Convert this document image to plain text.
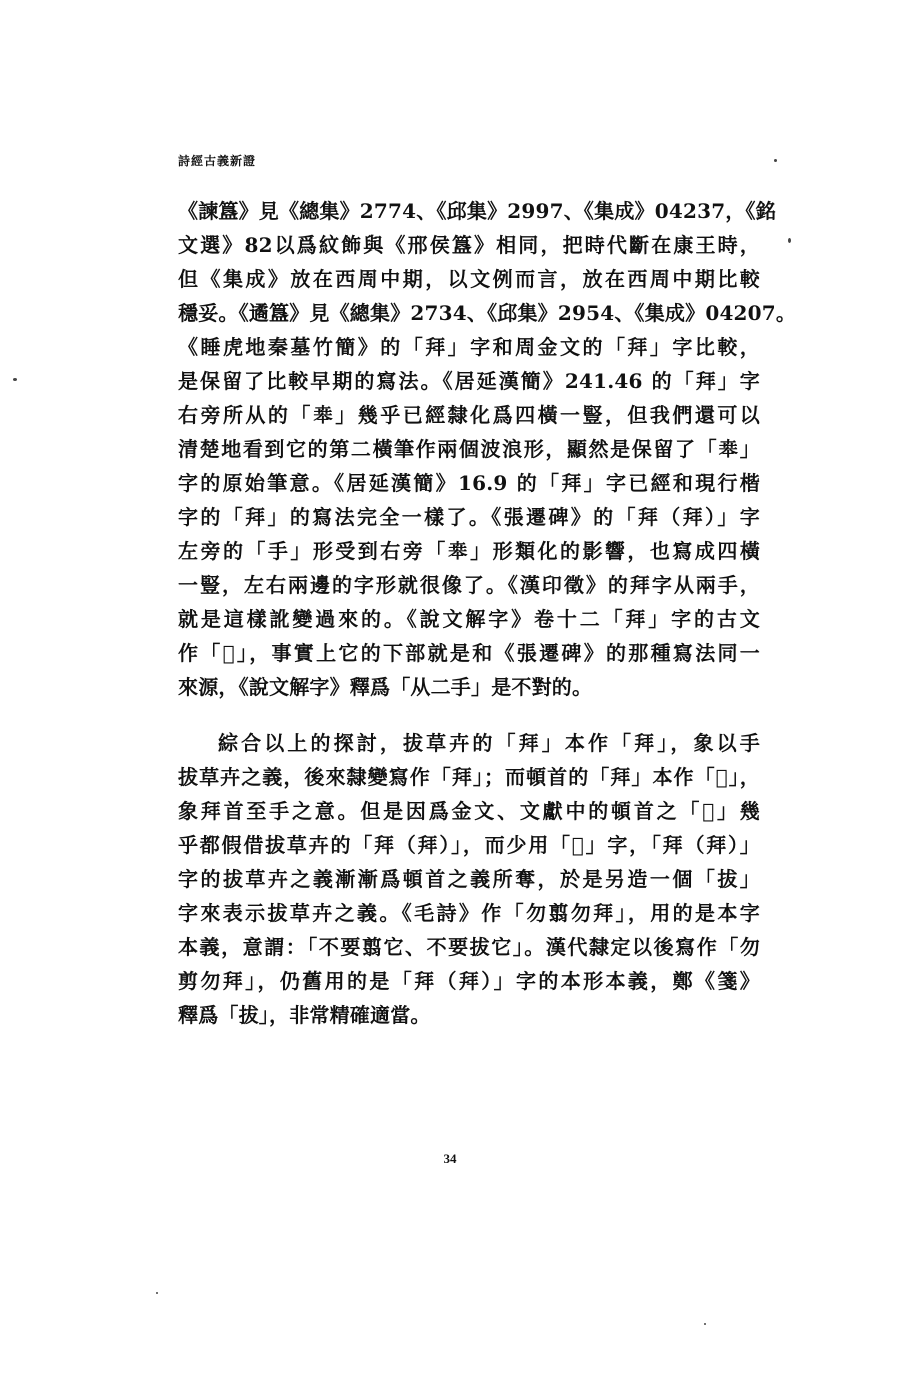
詩經古義新證
《諫簋》見《總集》2774、《邱集》2997、《集成》04237，《銘
文選》82以爲紋飾與《邢侯簋》相同，把時代斷在康王時，
但《集成》放在西周中期，以文例而言，放在西周中期比較
穩妥。《遹簋》見《總集》2734、《邱集》2954、《集成》04207。
《睡虎地秦墓竹簡》的「拜」字和周金文的「拜」字比較，
是保留了比較早期的寫法。《居延漢簡》241.46 的「拜」字
右旁所从的「𠦪」幾乎已經隸化爲四橫一豎，但我們還可以
清楚地看到它的第二橫筆作兩個波浪形，顯然是保留了「𠦪」
字的原始筆意。《居延漢簡》16.9 的「拜」字已經和現行楷
字的「拜」的寫法完全一樣了。《張遷碑》的「拜（拜）」字
左旁的「手」形受到右旁「𠦪」形類化的影響，也寫成四橫
一豎，左右兩邊的字形就很像了。《漢印徵》的拜字从兩手，
就是這樣訛變過來的。《說文解字》卷十二「拜」字的古文
作「𢍴」，事實上它的下部就是和《張遷碑》的那種寫法同一
來源，《說文解字》釋爲「从二手」是不對的。
綜合以上的探討，拔草卉的「拜」本作「拜」，象以手
拔草卉之義，後來隸變寫作「拜」；而頓首的「拜」本作「𩒨」，
象拜首至手之意。但是因爲金文、文獻中的頓首之「𩒨」幾
乎都假借拔草卉的「拜（拜）」，而少用「𩒨」字，「拜（拜）」
字的拔草卉之義漸漸爲頓首之義所奪，於是另造一個「拔」
字來表示拔草卉之義。《毛詩》作「勿翦勿拜」，用的是本字
本義，意謂：「不要翦它、不要拔它」。漢代隸定以後寫作「勿
剪勿拜」，仍舊用的是「拜（拜）」字的本形本義，鄭《箋》
釋爲「拔」，非常精確適當。
34
